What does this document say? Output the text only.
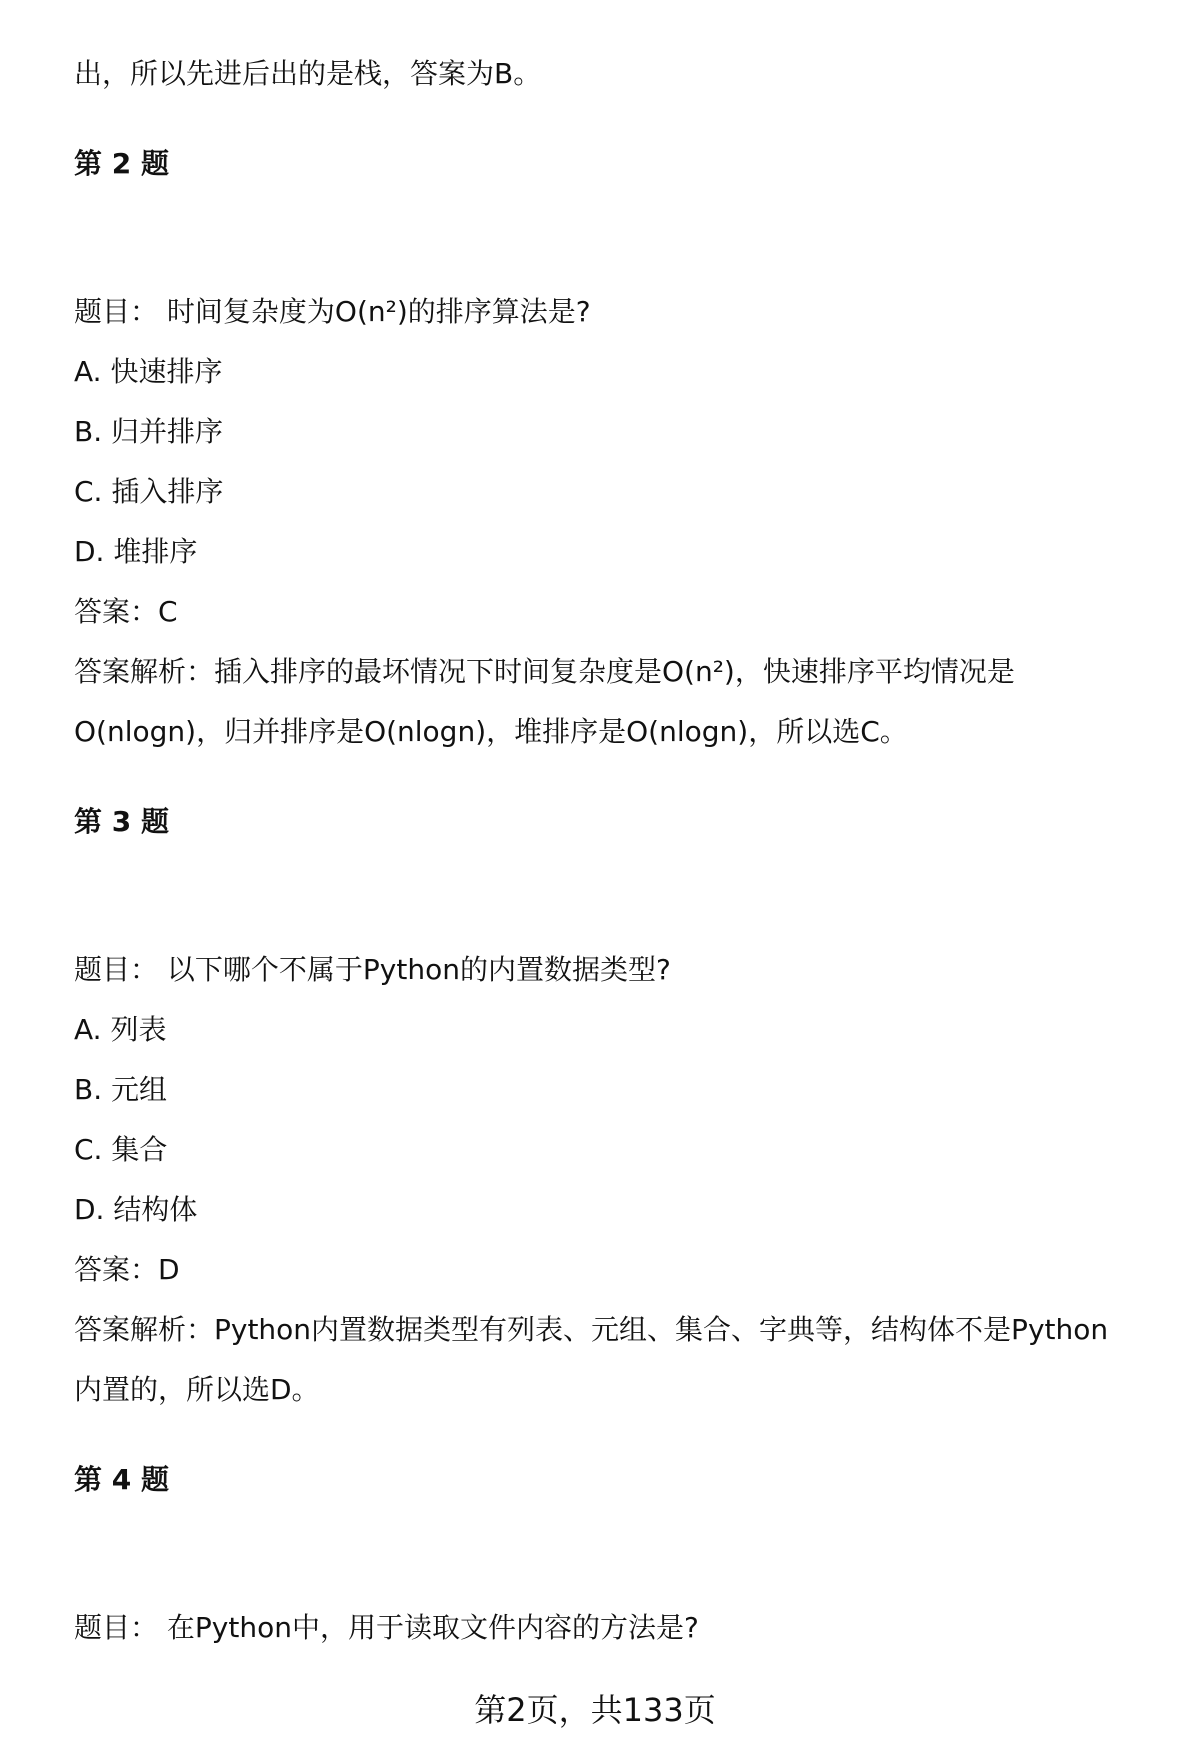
出，所以先进后出的是栈，答案为B。

第 2 题

题目： 时间复杂度为O(n²)的排序算法是?

A. 快速排序

B. 归并排序

C. 插入排序

D. 堆排序

答案：C

答案解析：插入排序的最坏情况下时间复杂度是O(n²)，快速排序平均情况是

O(nlogn)，归并排序是O(nlogn)，堆排序是O(nlogn)，所以选C。

第 3 题

题目： 以下哪个不属于Python的内置数据类型?

A. 列表

B. 元组

C. 集合

D. 结构体

答案：D

答案解析：Python内置数据类型有列表、元组、集合、字典等，结构体不是Python

内置的，所以选D。

第 4 题

题目： 在Python中，用于读取文件内容的方法是?

第2页，共133页
